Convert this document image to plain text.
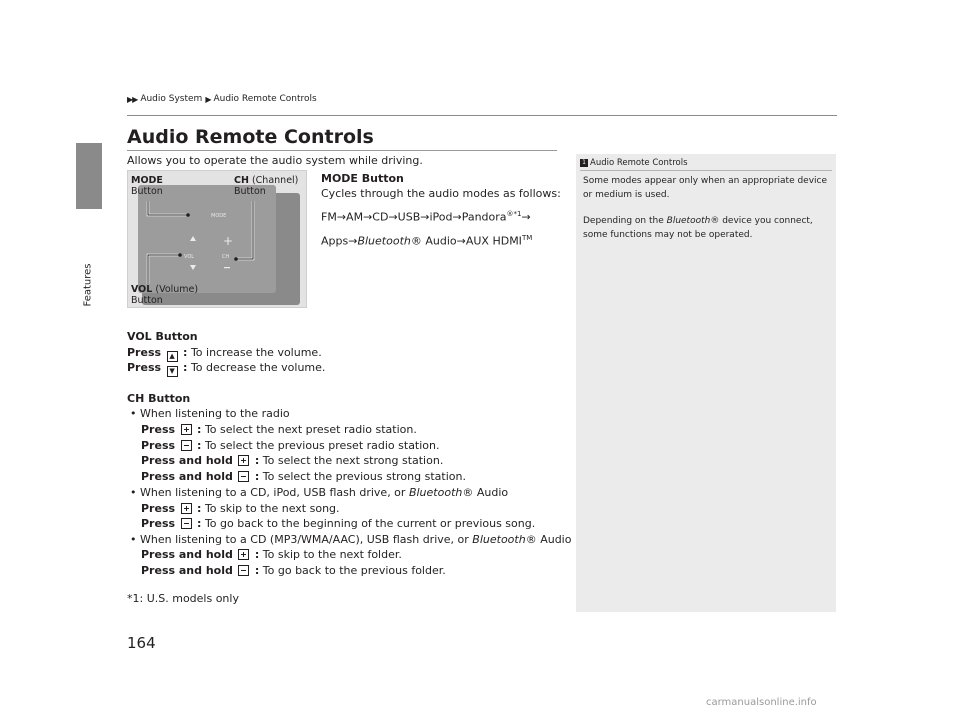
Features
▶▶ Audio System ▶ Audio Remote Controls
Audio Remote Controls
Allows you to operate the audio system while driving.
MODE
VOL
+
CH
MODE
Button
CH (Channel)
Button
VOL (Volume)
Button
MODE Button
Cycles through the audio modes as follows:
FM→AM→CD→USB→iPod→Pandora$^{®*1}$→
Apps→Bluetooth® Audio→AUX HDMI™
VOL Button
Press ▲ : To increase the volume.
Press ▼ : To decrease the volume.
CH Button
• When listening to the radio
Press : To select the next preset radio station.
Press : To select the previous preset radio station.
Press and hold : To select the next strong station.
Press and hold : To select the previous strong station.
• When listening to a CD, iPod, USB flash drive, or Bluetooth® Audio
Press : To skip to the next song.
Press : To go back to the beginning of the current or previous song.
• When listening to a CD (MP3/WMA/AAC), USB flash drive, or Bluetooth® Audio
Press and hold : To skip to the next folder.
Press and hold : To go back to the previous folder.
*1: U.S. models only
1 Audio Remote Controls
Some modes appear only when an appropriate device or medium is used.
Depending on the Bluetooth® device you connect, some functions may not be operated.
164
carmanualsonline.info
